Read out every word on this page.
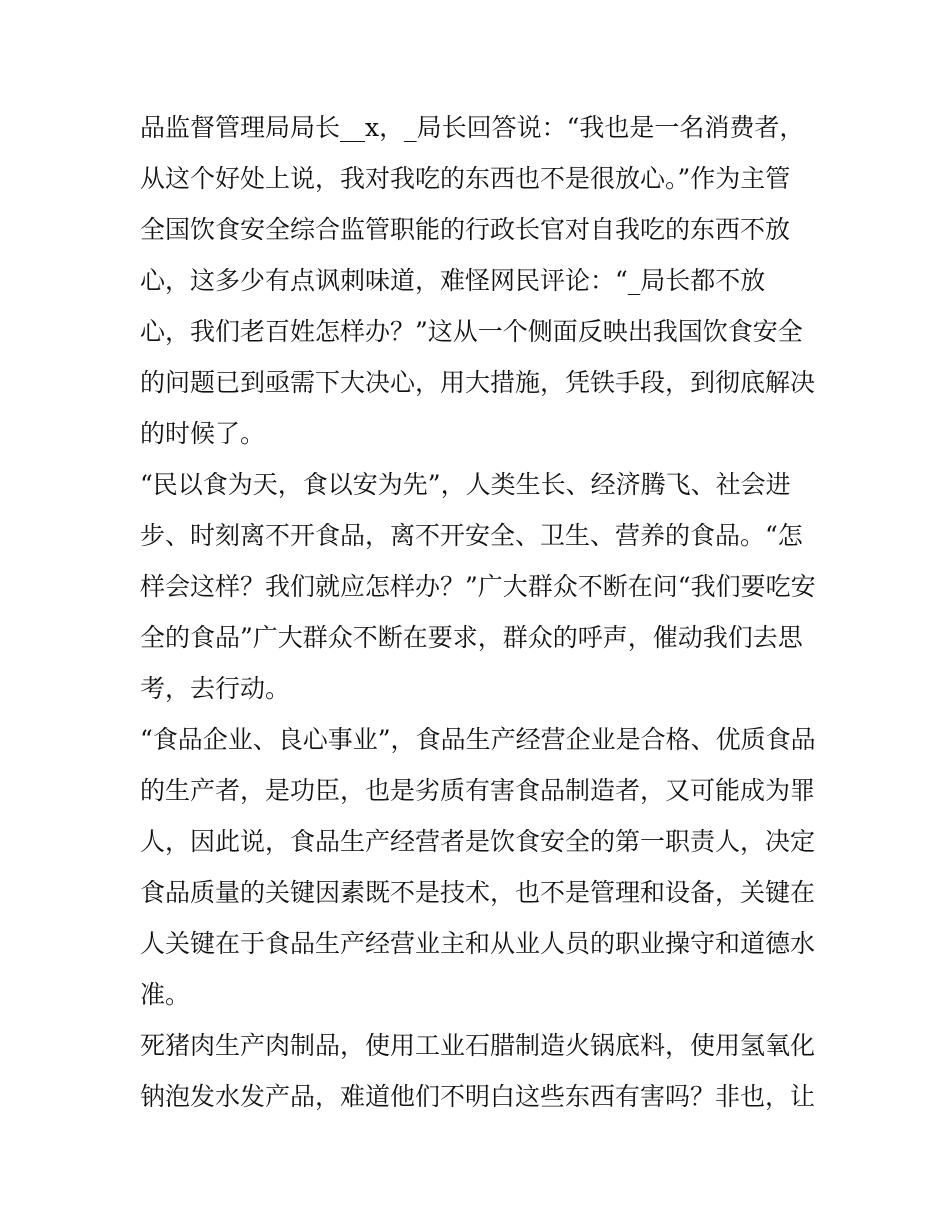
品监督管理局局长__x，_局长回答说：“我也是一名消费者，
从这个好处上说，我对我吃的东西也不是很放心。”作为主管
全国饮食安全综合监管职能的行政长官对自我吃的东西不放
心，这多少有点讽刺味道，难怪网民评论：“_局长都不放
心，我们老百姓怎样办？”这从一个侧面反映出我国饮食安全
的问题已到亟需下大决心，用大措施，凭铁手段，到彻底解决
的时候了。
“民以食为天，食以安为先”，人类生长、经济腾飞、社会进
步、时刻离不开食品，离不开安全、卫生、营养的食品。“怎
样会这样？我们就应怎样办？”广大群众不断在问“我们要吃安
全的食品”广大群众不断在要求，群众的呼声，催动我们去思
考，去行动。
“食品企业、良心事业”，食品生产经营企业是合格、优质食品
的生产者，是功臣，也是劣质有害食品制造者，又可能成为罪
人，因此说，食品生产经营者是饮食安全的第一职责人，决定
食品质量的关键因素既不是技术，也不是管理和设备，关键在
人关键在于食品生产经营业主和从业人员的职业操守和道德水
准。
死猪肉生产肉制品，使用工业石腊制造火锅底料，使用氢氧化
钠泡发水发产品，难道他们不明白这些东西有害吗？非也，让
